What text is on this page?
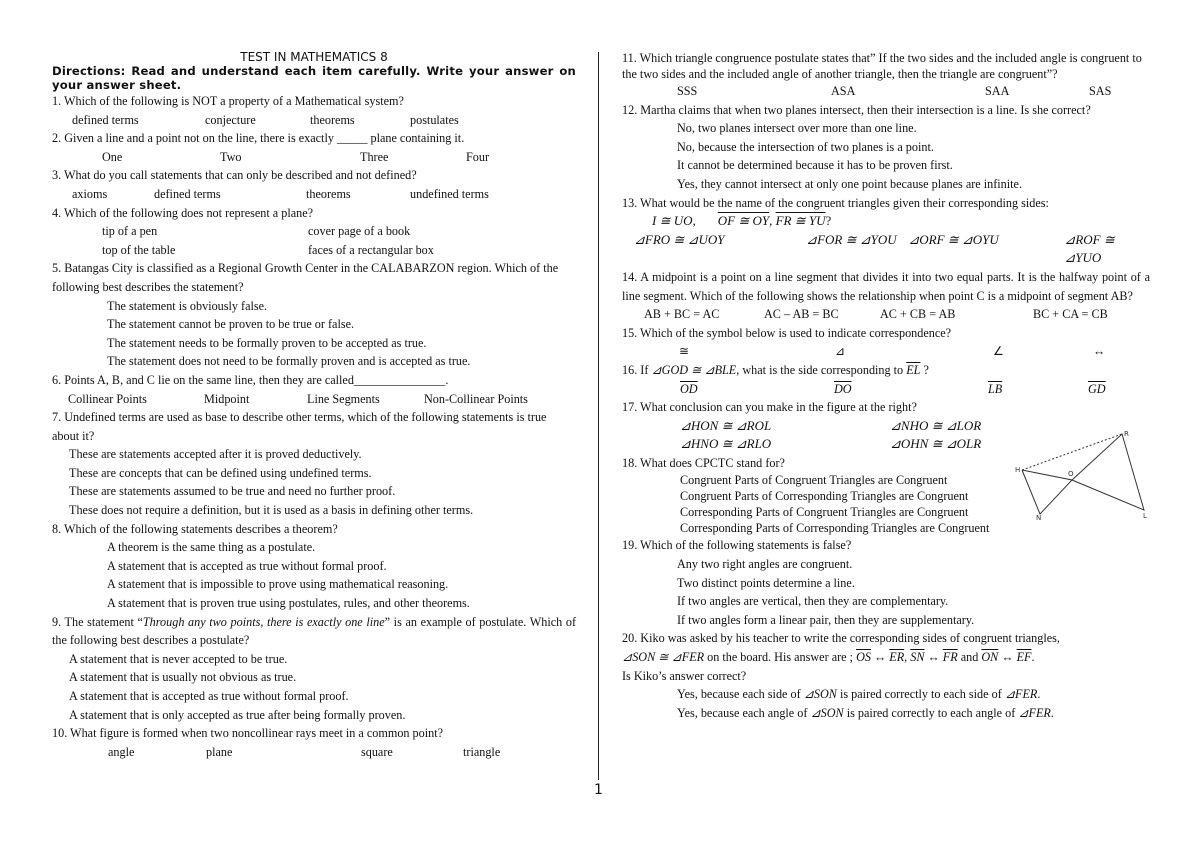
1
TEST IN MATHEMATICS 8
Directions: Read and understand each item carefully. Write your answer on your answer sheet.

1. Which of the following is NOT a property of a Mathematical system?

defined terms	conjecture	theorems	postulates

2. Given a line and a point not on the line, there is exactly _____ plane containing it.

One	Two	Three	Four

3. What do you call statements that can only be described and not defined?

axioms	defined terms	theorems	undefined terms

4. Which of the following does not represent a plane?

tip of a pen	cover page of a book
top of the table	faces of a rectangular box

5. Batangas City is classified as a Regional Growth Center in the CALABARZON region. Which of the following best describes the statement?

The statement is obviously false.

The statement cannot be proven to be true or false.

The statement needs to be formally proven to be accepted as true.

The statement does not need to be formally proven and is accepted as true.

6. Points A, B, and C lie on the same line, then they are called_______________.

Collinear Points	Midpoint	Line Segments	Non-Collinear Points

7. Undefined terms are used as base to describe other terms, which of the following statements is true about it?

These are statements accepted after it is proved deductively.

These are concepts that can be defined using undefined terms.

These are statements assumed to be true and need no further proof.

These does not require a definition, but it is used as a basis in defining other terms.

8. Which of the following statements describes a theorem?

A theorem is the same thing as a postulate.

A statement that is accepted as true without formal proof.

A statement that is impossible to prove using mathematical reasoning.

A statement that is proven true using postulates, rules, and other theorems.

9. The statement “Through any two points, there is exactly one line” is an example of postulate. Which of the following best describes a postulate?

A statement that is never accepted to be true.

A statement that is usually not obvious as true.

A statement that is accepted as true without formal proof.

A statement that is only accepted as true after being formally proven.

10. What figure is formed when two noncollinear rays meet in a common point?

angle	plane	square	triangle

11. Which triangle congruence postulate states that” If the two sides and the included angle is congruent to the two sides and the included angle of another triangle, then the triangle are congruent”?

SSS	ASA	SAA	SAS

12. Martha claims that when two planes intersect, then their intersection is a line. Is she correct?

No, two planes intersect over more than one line.

No, because the intersection of two planes is a point.

It cannot be determined because it has to be proven first.

Yes, they cannot intersect at only one point because planes are infinite.

13. What would be the name of the congruent triangles given their corresponding sides:

I ≅ UO, OF ≅ OY, FR ≅ YU?

⊿FRO ≅ ⊿UOY	⊿FOR ≅ ⊿YOU ⊿ORF ≅ ⊿OYU	⊿ROF ≅ ⊿YUO

14. A midpoint is a point on a line segment that divides it into two equal parts. It is the halfway point of a line segment. Which of the following shows the relationship when point C is a midpoint of segment AB?

AB + BC = AC	AC – AB = BC	AC + CB = AB	BC + CA = CB

15. Which of the symbol below is used to indicate correspondence?

≅	⊿	∠	↔

16. If ⊿GOD ≅ ⊿BLE, what is the side corresponding to $\overline{EL}$ ?

$\overline{OD}$	$\overline{DO}$	$\overline{LB}$	$\overline{GD}$

17. What conclusion can you make in the figure at the right?

⊿HON ≅ ⊿ROL	⊿NHO ≅ ⊿LOR
⊿HNO ≅ ⊿RLO	⊿OHN ≅ ⊿OLR

18. What does CPCTC stand for?

Congruent Parts of Congruent Triangles are Congruent

Congruent Parts of Corresponding Triangles are Congruent

Corresponding Parts of Congruent Triangles are Congruent

Corresponding Parts of Corresponding Triangles are Congruent

19. Which of the following statements is false?

Any two right angles are congruent.

Two distinct points determine a line.

If two angles are vertical, then they are complementary.

If two angles form a linear pair, then they are supplementary.

20. Kiko was asked by his teacher to write the corresponding sides of congruent triangles,

⊿SON ≅ ⊿FER on the board. His answer are ; $\overline{OS}$ ↔ $\overline{ER}$, $\overline{SN}$ ↔ $\overline{FR}$ and $\overline{ON}$ ↔ $\overline{EF}$.

Is Kiko’s answer correct?

Yes, because each side of ⊿SON is paired correctly to each side of ⊿FER.

Yes, because each angle of ⊿SON is paired correctly to each angle of ⊿FER.

H
N
O
R
L
